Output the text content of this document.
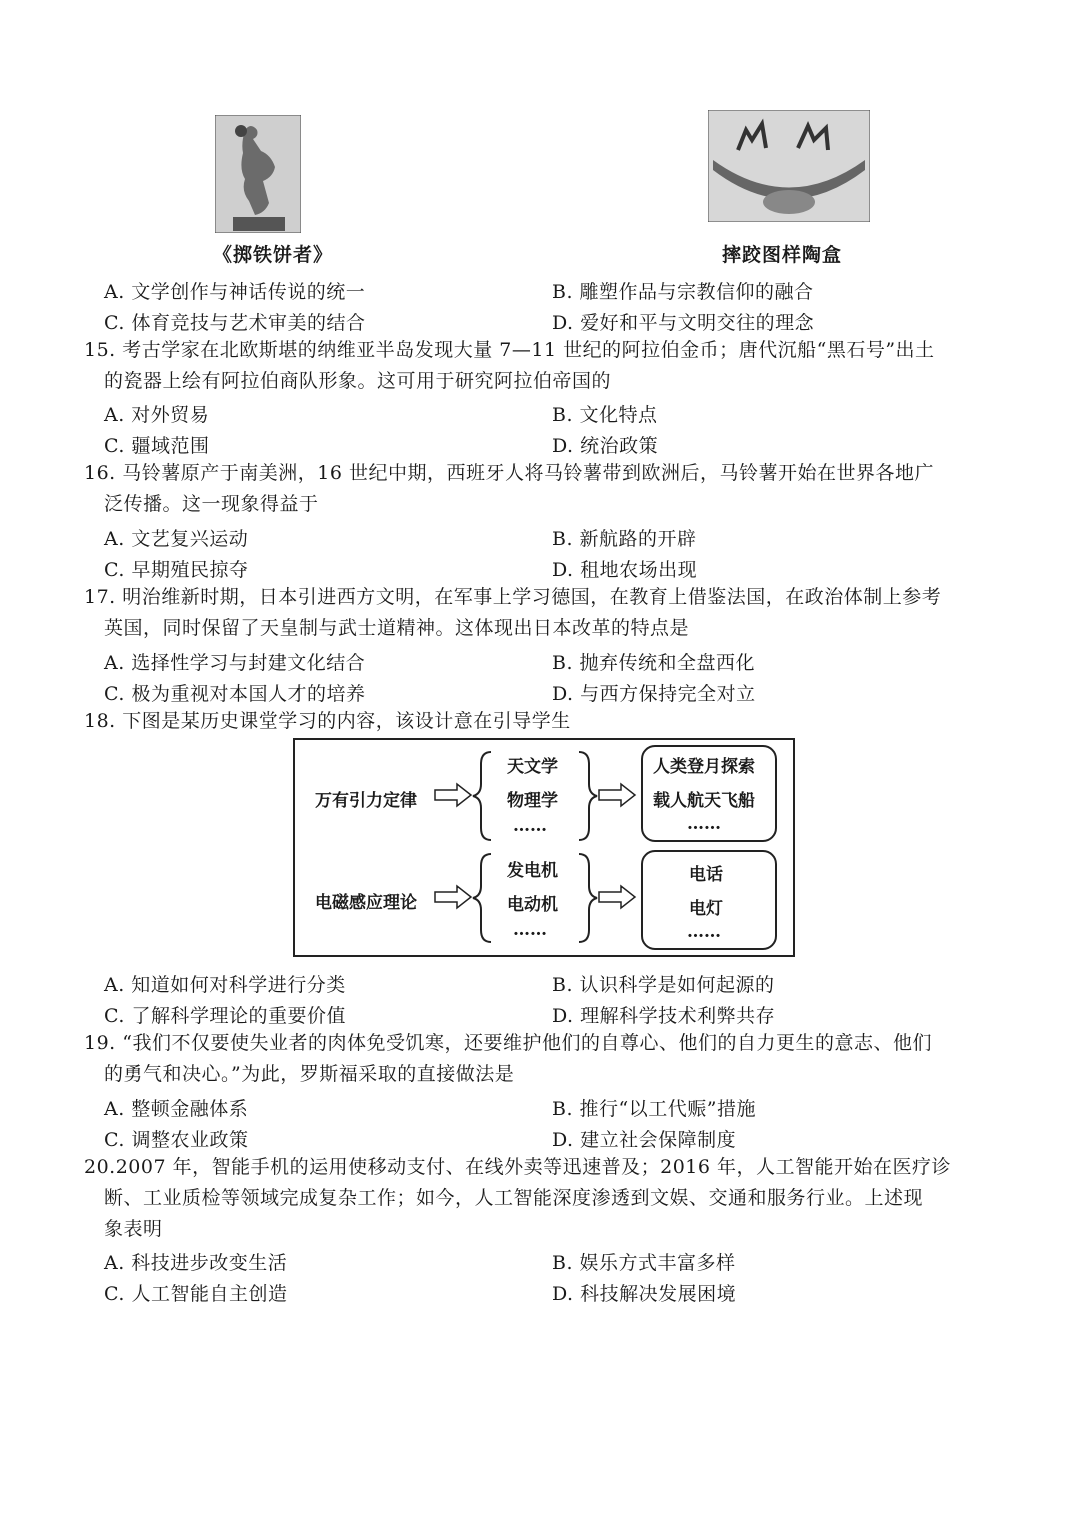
《掷铁饼者》	摔跤图样陶盒
A. 文学创作与神话传说的统一	B. 雕塑作品与宗教信仰的融合
C. 体育竞技与艺术审美的结合	D. 爱好和平与文明交往的理念
15. 考古学家在北欧斯堪的纳维亚半岛发现大量 7—11 世纪的阿拉伯金币；唐代沉船“黑石号”出土
的瓷器上绘有阿拉伯商队形象。这可用于研究阿拉伯帝国的
A. 对外贸易	B. 文化特点
C. 疆域范围	D. 统治政策
16. 马铃薯原产于南美洲，16 世纪中期，西班牙人将马铃薯带到欧洲后，马铃薯开始在世界各地广
泛传播。这一现象得益于
A. 文艺复兴运动	B. 新航路的开辟
C. 早期殖民掠夺	D. 租地农场出现
17. 明治维新时期，日本引进西方文明，在军事上学习德国，在教育上借鉴法国，在政治体制上参考
英国，同时保留了天皇制与武士道精神。这体现出日本改革的特点是
A. 选择性学习与封建文化结合	B. 抛弃传统和全盘西化
C. 极为重视对本国人才的培养	D. 与西方保持完全对立
18. 下图是某历史课堂学习的内容，该设计意在引导学生
万有引力定律
天文学
物理学
……
人类登月探索
载人航天飞船
……
电磁感应理论
发电机
电动机
……
电话
电灯
……
A. 知道如何对科学进行分类	B. 认识科学是如何起源的
C. 了解科学理论的重要价值	D. 理解科学技术利弊共存
19. “我们不仅要使失业者的肉体免受饥寒，还要维护他们的自尊心、他们的自力更生的意志、他们
的勇气和决心。”为此，罗斯福采取的直接做法是
A. 整顿金融体系	B. 推行“以工代赈”措施
C. 调整农业政策	D. 建立社会保障制度
20.2007 年，智能手机的运用使移动支付、在线外卖等迅速普及；2016 年，人工智能开始在医疗诊
断、工业质检等领域完成复杂工作；如今，人工智能深度渗透到文娱、交通和服务行业。上述现
象表明
A. 科技进步改变生活	B. 娱乐方式丰富多样
C. 人工智能自主创造	D. 科技解决发展困境
